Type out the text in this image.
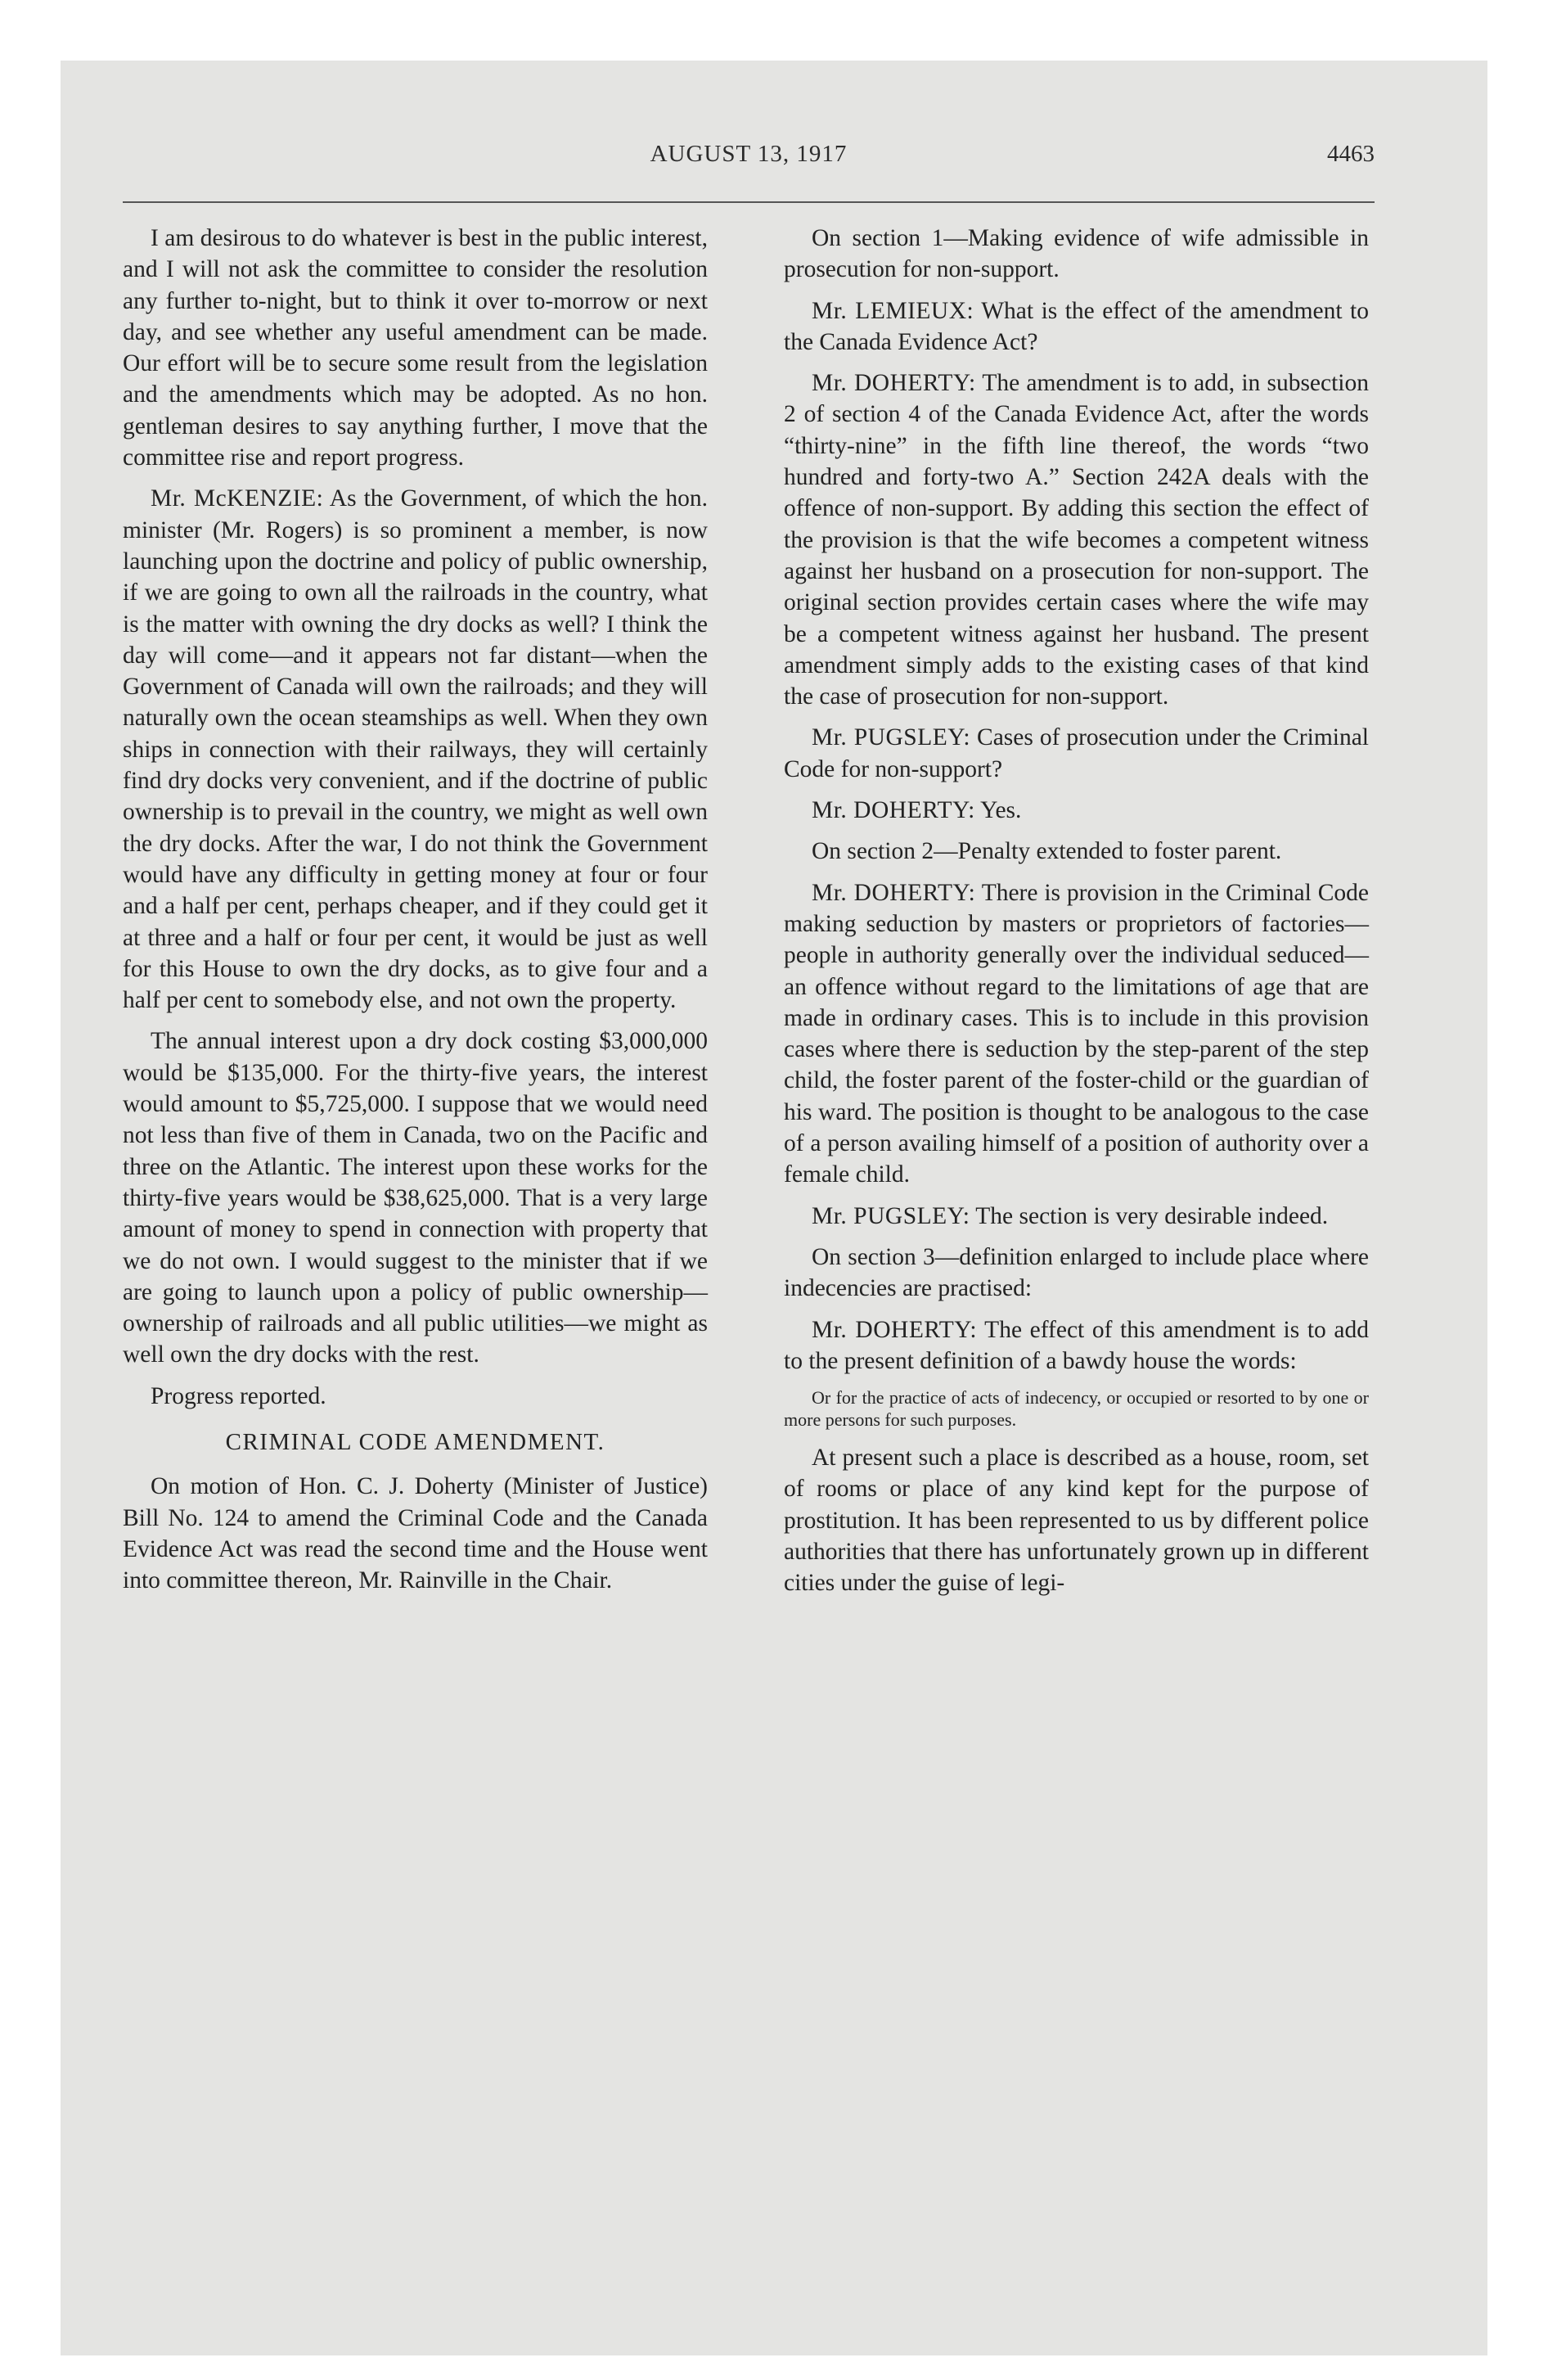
AUGUST 13, 1917	4463

I am desirous to do whatever is best in the public interest, and I will not ask the committee to consider the resolution any further to-night, but to think it over to-morrow or next day, and see whether any useful amendment can be made. Our effort will be to secure some result from the legislation and the amendments which may be adopted. As no hon. gentleman desires to say anything further, I move that the committee rise and report progress.

Mr. McKENZIE: As the Government, of which the hon. minister (Mr. Rogers) is so prominent a member, is now launching upon the doctrine and policy of public ownership, if we are going to own all the railroads in the country, what is the matter with owning the dry docks as well? I think the day will come—and it appears not far distant—when the Government of Canada will own the railroads; and they will naturally own the ocean steamships as well. When they own ships in connection with their railways, they will certainly find dry docks very convenient, and if the doctrine of public ownership is to prevail in the country, we might as well own the dry docks. After the war, I do not think the Government would have any difficulty in getting money at four or four and a half per cent, perhaps cheaper, and if they could get it at three and a half or four per cent, it would be just as well for this House to own the dry docks, as to give four and a half per cent to somebody else, and not own the property.

The annual interest upon a dry dock costing $3,000,000 would be $135,000. For the thirty-five years, the interest would amount to $5,725,000. I suppose that we would need not less than five of them in Canada, two on the Pacific and three on the Atlantic. The interest upon these works for the thirty-five years would be $38,625,000. That is a very large amount of money to spend in connection with property that we do not own. I would suggest to the minister that if we are going to launch upon a policy of public ownership—ownership of railroads and all public utilities—we might as well own the dry docks with the rest.

Progress reported.

CRIMINAL CODE AMENDMENT.

On motion of Hon. C. J. Doherty (Minister of Justice) Bill No. 124 to amend the Criminal Code and the Canada Evidence Act was read the second time and the House went into committee thereon, Mr. Rainville in the Chair.

On section 1—Making evidence of wife admissible in prosecution for non-support.

Mr. LEMIEUX: What is the effect of the amendment to the Canada Evidence Act?

Mr. DOHERTY: The amendment is to add, in subsection 2 of section 4 of the Canada Evidence Act, after the words “thirty-nine” in the fifth line thereof, the words “two hundred and forty-two A.” Section 242A deals with the offence of non-support. By adding this section the effect of the provision is that the wife becomes a competent witness against her husband on a prosecution for non-support. The original section provides certain cases where the wife may be a competent witness against her husband. The present amendment simply adds to the existing cases of that kind the case of prosecution for non-support.

Mr. PUGSLEY: Cases of prosecution under the Criminal Code for non-support?

Mr. DOHERTY: Yes.

On section 2—Penalty extended to foster parent.

Mr. DOHERTY: There is provision in the Criminal Code making seduction by masters or proprietors of factories—people in authority generally over the individual seduced— an offence without regard to the limitations of age that are made in ordinary cases. This is to include in this provision cases where there is seduction by the step-parent of the step child, the foster parent of the foster-child or the guardian of his ward. The position is thought to be analogous to the case of a person availing himself of a position of authority over a female child.

Mr. PUGSLEY: The section is very desirable indeed.

On section 3—definition enlarged to include place where indecencies are practised:

Mr. DOHERTY: The effect of this amendment is to add to the present definition of a bawdy house the words:

Or for the practice of acts of indecency, or occupied or resorted to by one or more persons for such purposes.

At present such a place is described as a house, room, set of rooms or place of any kind kept for the purpose of prostitution. It has been represented to us by different police authorities that there has unfortunately grown up in different cities under the guise of legi-
